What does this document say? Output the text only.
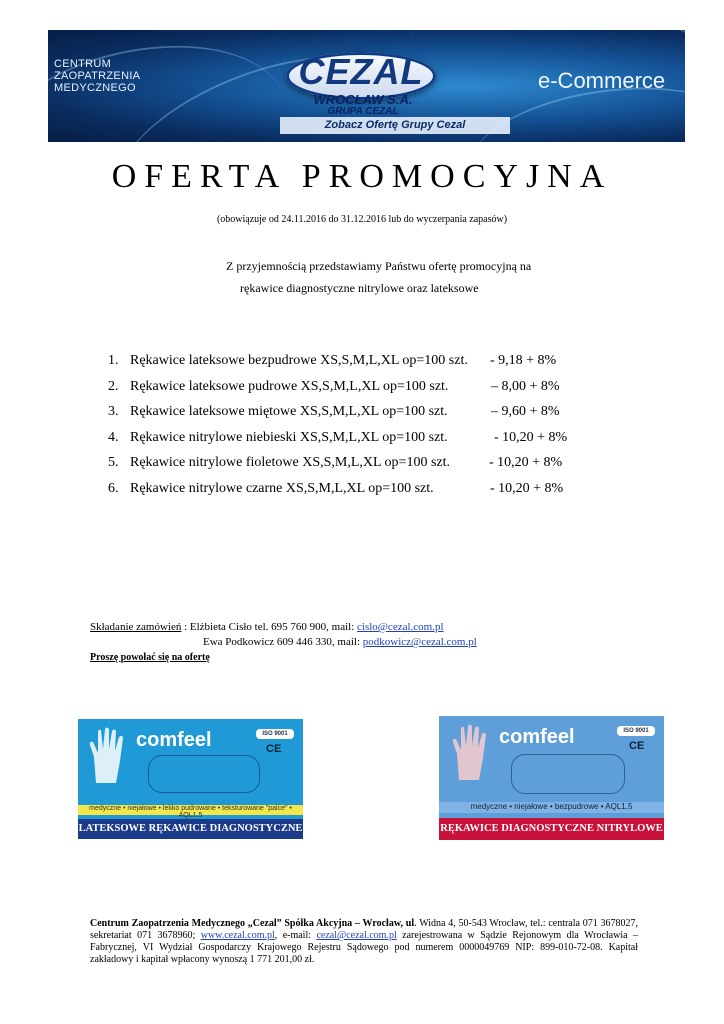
CENTRUM
ZAOPATRZENIA
MEDYCZNEGO	CEZAL
WROCŁAW S.A.
GRUPA CEZAL
e-Commerce
Zobacz Ofertę Grupy Cezal
OFERTA PROMOCYJNA
(obowiązuje od 24.11.2016 do 31.12.2016 lub do wyczerpania zapasów)
Z przyjemnością przedstawiamy Państwu ofertę promocyjną na
rękawice diagnostyczne nitrylowe oraz lateksowe
1. Rękawice lateksowe bezpudrowe XS,S,M,L,XL op=100 szt. - 9,18 + 8%
2. Rękawice lateksowe pudrowe XS,S,M,L,XL op=100 szt.	– 8,00 + 8%
3. Rękawice lateksowe miętowe XS,S,M,L,XL op=100 szt.	– 9,60 + 8%
4. Rękawice nitrylowe niebieski XS,S,M,L,XL op=100 szt.	- 10,20 + 8%
5. Rękawice nitrylowe fioletowe XS,S,M,L,XL op=100 szt.	- 10,20 + 8%
6. Rękawice nitrylowe czarne XS,S,M,L,XL op=100 szt.	- 10,20 + 8%
Składanie zamówień : Elżbieta Cisło tel. 695 760 900, mail: cislo@cezal.com.pl
Ewa Podkowicz 609 446 330, mail: podkowicz@cezal.com.pl
Proszę powołać się na ofertę
comfeel	ISO 9001
CE
medyczne • niejałowe • lekko pudrowane • teksturowane "palce" • AQL1,5
LATEKSOWE RĘKAWICE DIAGNOSTYCZNE
comfeel	ISO 9001
CE
medyczne • niejałowe • bezpudrowe • AQL1,5
RĘKAWICE DIAGNOSTYCZNE NITRYLOWE
Centrum Zaopatrzenia Medycznego „Cezal” Spółka Akcyjna – Wrocław, ul. Widna 4, 50-543 Wrocław, tel.: centrala 071 3678027, sekretariat 071 3678960; www.cezal.com.pl, e-mail: cezal@cezal.com.pl zarejestrowana w Sądzie Rejonowym dla Wrocławia – Fabrycznej, VI Wydział Gospodarczy Krajowego Rejestru Sądowego pod numerem 0000049769 NIP: 899-010-72-08. Kapitał zakładowy i kapitał wpłacony wynoszą 1 771 201,00 zł.
